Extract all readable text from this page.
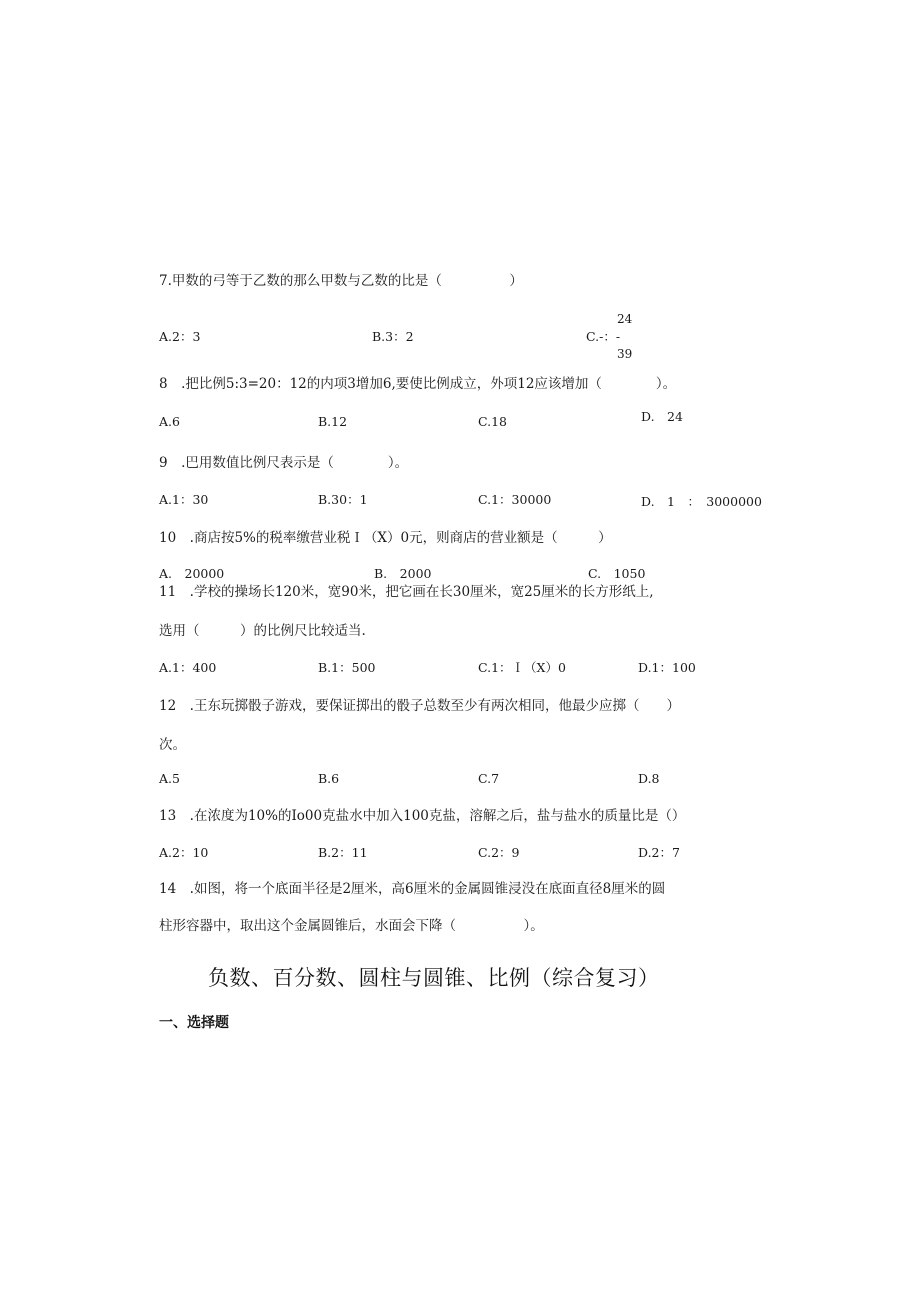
7.甲数的弓等于乙数的那么甲数与乙数的比是（　　　　　）
A.2：3	B.3：2
24
C.-：-
39
8　.把比例5:3=20：12的内项3增加6,要使比例成立，外项12应该增加（　　　　）。
A.6	B.12	C.18	D.　24
9　.巴用数值比例尺表示是（　　　　）。
A.1：30	B.30：1	C.1：30000	D.　1　：　3000000
10　.商店按5%的税率缴营业税Ｉ（X）0元，则商店的营业额是（　　　）
A.　20000	B.　2000	C.　1050
11　.学校的操场长120米，宽90米，把它画在长30厘米，宽25厘米的长方形纸上,
选用（　　　）的比例尺比较适当.
A.1：400	B.1：500	C.1：Ｉ（X）0	D.1：100
12　.王东玩掷骰子游戏，要保证掷出的骰子总数至少有两次相同，他最少应掷（　　）
次。
A.5	B.6	C.7	D.8
13　.在浓度为10%的Io00克盐水中加入100克盐，溶解之后，盐与盐水的质量比是（）
A.2：10	B.2：11	C.2：9	D.2：7
14　.如图，将一个底面半径是2厘米，高6厘米的金属圆锥浸没在底面直径8厘米的圆
柱形容器中，取出这个金属圆锥后，水面会下降（　　　　　）。
负数、百分数、圆柱与圆锥、比例（综合复习）
一、选择题
